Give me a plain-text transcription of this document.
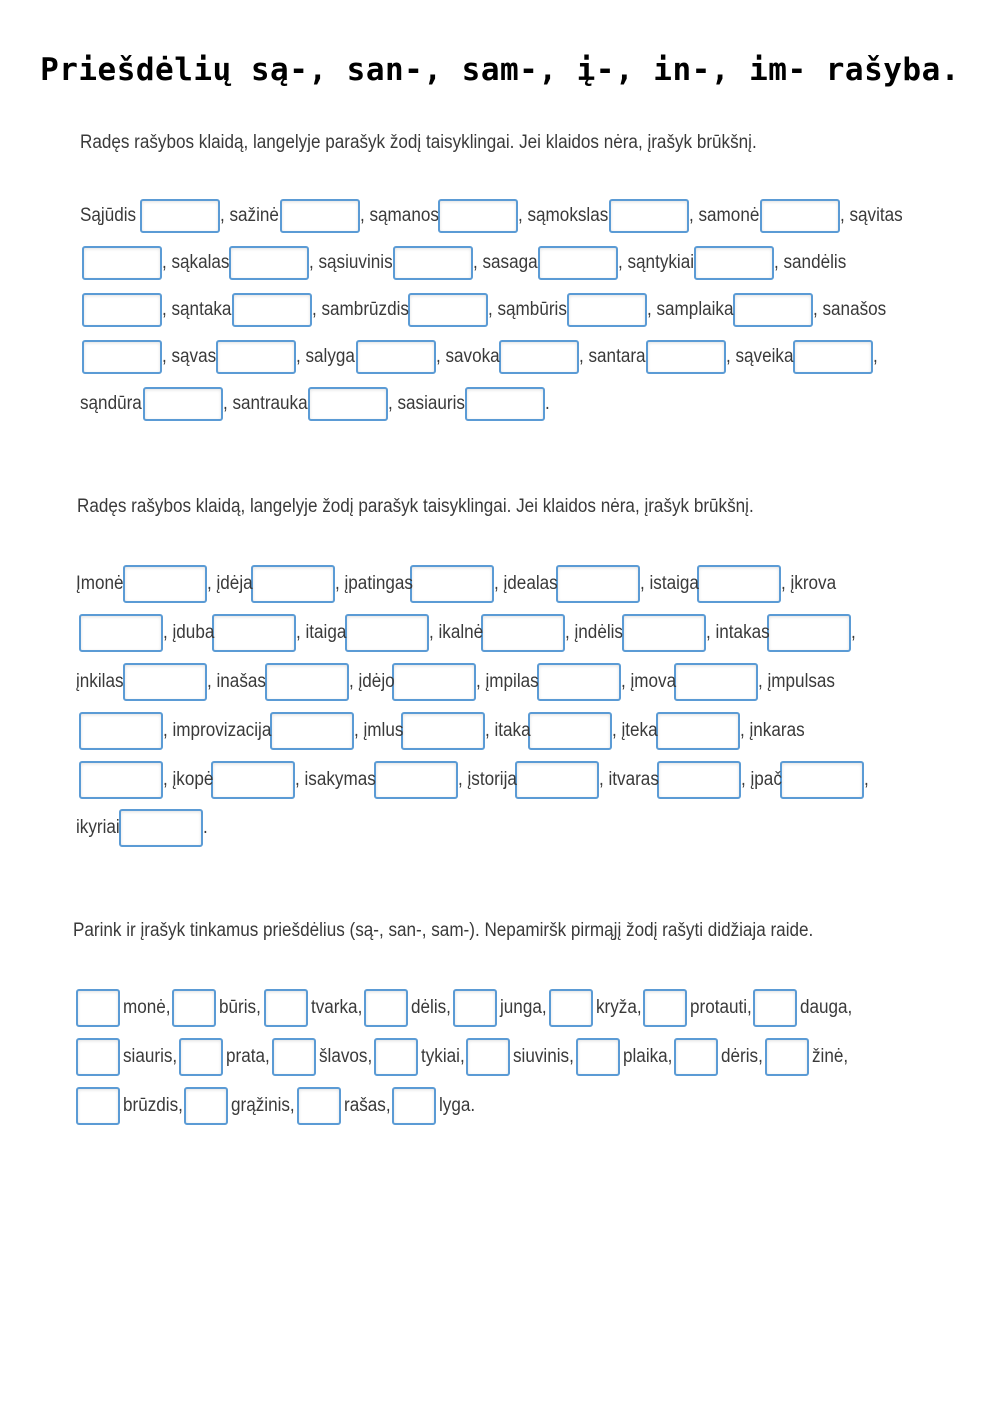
Priešdėlių są-, san-, sam-, į-, in-, im- rašyba.
Radęs rašybos klaidą, langelyje parašyk žodį taisyklingai. Jei klaidos nėra, įrašyk brūkšnį.
Sąjūdis	, sažinė	, sąmanos	, sąmokslas	, samonė	, sąvitas
, sąkalas	, sąsiuvinis	, sasaga	, sąntykiai	, sandėlis
, sąntaka	, sambrūzdis	, sąmbūris	, samplaika	, sanašos
, sąvas	, salyga	, savoka	, santara	, sąveika	,
sąndūra	, santrauka	, sasiauris	.
Radęs rašybos klaidą, langelyje žodį parašyk taisyklingai. Jei klaidos nėra, įrašyk brūkšnį.
Įmonė	, įdėja	, įpatingas	, įdealas	, istaiga	, įkrova
, įduba	, itaiga	, ikalnė	, įndėlis	, intakas	,
įnkilas	, inašas	, įdėjo	, įmpilas	, įmova	, įmpulsas
, improvizacija	, įmlus	, itaka	, įteka	, įnkaras
, įkopė	, isakymas	, įstorija	, itvaras	, įpač	,
ikyriai	.
Parink ir įrašyk tinkamus priešdėlius (są-, san-, sam-). Nepamiršk pirmąjį žodį rašyti didžiaja raide.
monė,	būris,	tvarka,	dėlis,	junga,	kryža,	protauti,	dauga,
siauris,	prata,	šlavos,	tykiai,	siuvinis,	plaika,	dėris,	žinė,
brūzdis,	grąžinis,	rašas,	lyga.
